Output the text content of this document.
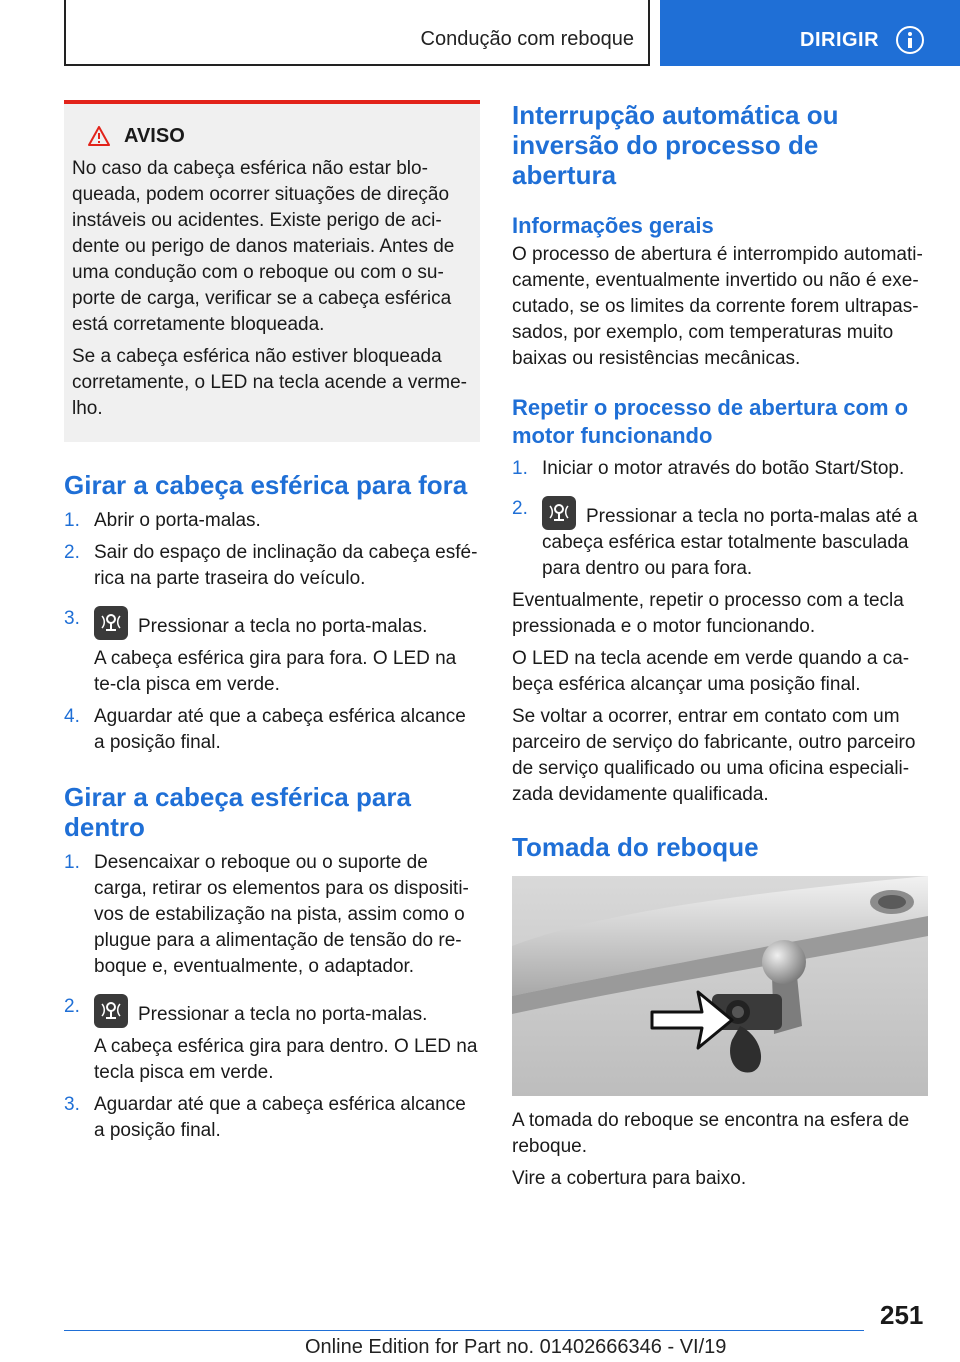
Condução com reboque	DIRIGIR
AVISO

No caso da cabeça esférica não estar blo-queada, podem ocorrer situações de direção instáveis ou acidentes. Existe perigo de aci-dente ou perigo de danos materiais. Antes de uma condução com o reboque ou com o su-porte de carga, verificar se a cabeça esférica está corretamente bloqueada.

Se a cabeça esférica não estiver bloqueada corretamente, o LED na tecla acende a verme-lho.

Girar a cabeça esférica para fora
1. Abrir o porta-malas.
2. Sair do espaço de inclinação da cabeça esfé-rica na parte traseira do veículo.
3.	Pressionar a tecla no porta-malas.
A cabeça esférica gira para fora. O LED na te-cla pisca em verde.
4. Aguardar até que a cabeça esférica alcance a posição final.
Girar a cabeça esférica para dentro
1. Desencaixar o reboque ou o suporte de carga, retirar os elementos para os dispositi-vos de estabilização na pista, assim como o plugue para a alimentação de tensão do re-boque e, eventualmente, o adaptador.
2.	Pressionar a tecla no porta-malas.
A cabeça esférica gira para dentro. O LED na tecla pisca em verde.
3. Aguardar até que a cabeça esférica alcance a posição final.
Interrupção automática ou inversão do processo de abertura
Informações gerais

O processo de abertura é interrompido automati-camente, eventualmente invertido ou não é exe-cutado, se os limites da corrente forem ultrapas-sados, por exemplo, com temperaturas muito baixas ou resistências mecânicas.

Repetir o processo de abertura com o motor funcionando
1. Iniciar o motor através do botão Start/Stop.
2.	Pressionar a tecla no porta-malas até a cabeça esférica estar totalmente basculada para dentro ou para fora.

Eventualmente, repetir o processo com a tecla pressionada e o motor funcionando.

O LED na tecla acende em verde quando a ca-beça esférica alcançar uma posição final.

Se voltar a ocorrer, entrar em contato com um parceiro de serviço do fabricante, outro parceiro de serviço qualificado ou uma oficina especiali-zada devidamente qualificada.

Tomada do reboque

A tomada do reboque se encontra na esfera de reboque.

Vire a cobertura para baixo.

251
Online Edition for Part no. 01402666346 - VI/19
